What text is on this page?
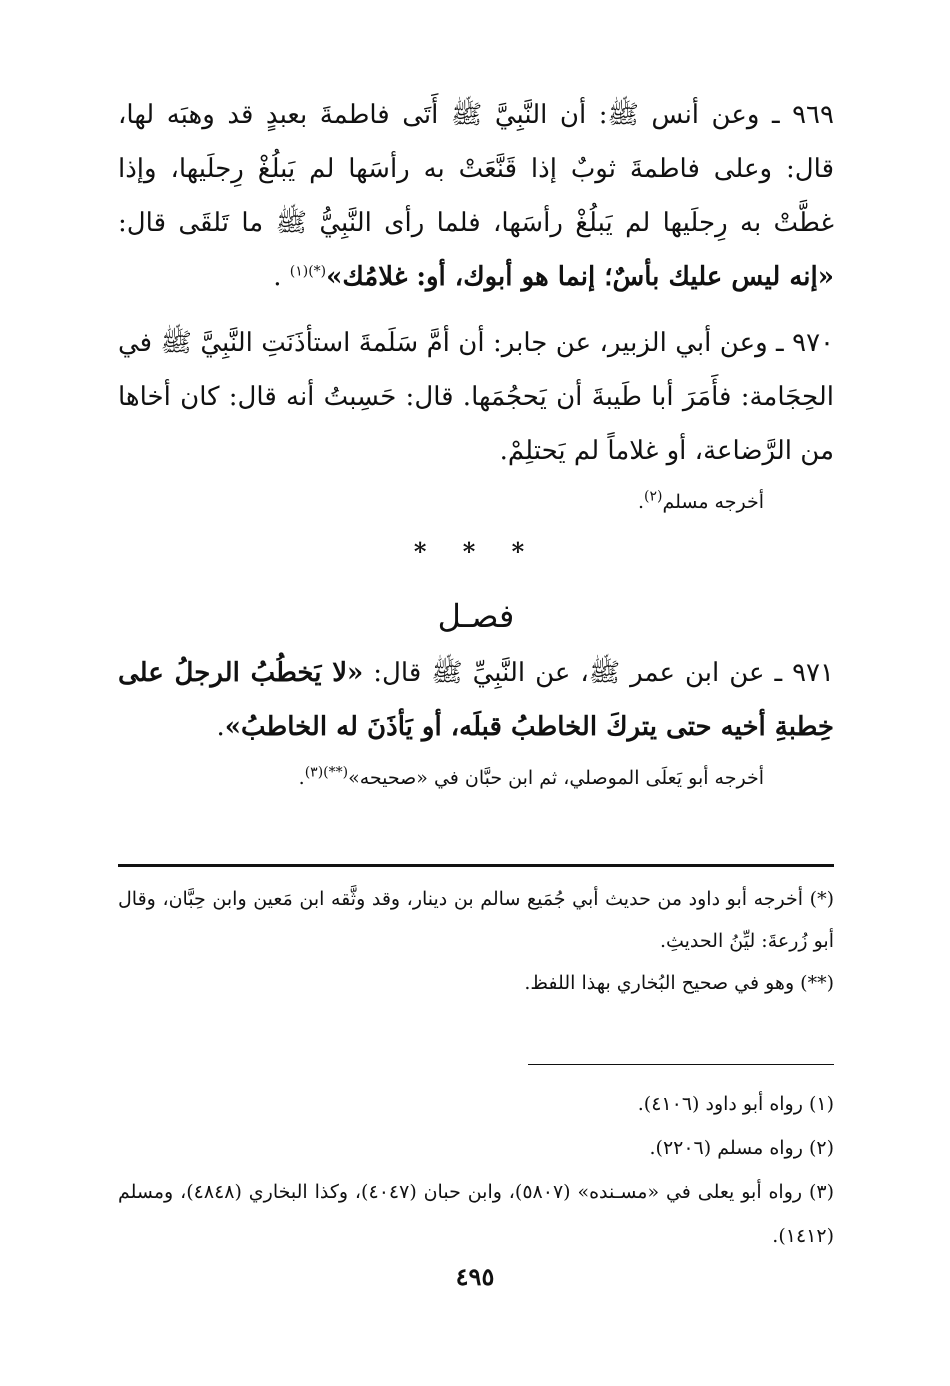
٩٦٩ ـ وعن أنس ﷺ: أن النَّبِيَّ ﷺ أَتَى فاطمةَ بعبدٍ قد وهبَه لها، قال: وعلى فاطمةَ ثوبٌ إذا قَنَّعَتْ به رأسَها لم يَبلُغْ رِجلَيها، وإذا غطَّتْ به رِجلَيها لم يَبلُغْ رأسَها، فلما رأى النَّبِيُّ ﷺ ما تَلقَى قال: «إنه ليس عليك بأسٌ؛ إنما هو أبوك، أو: غلامُك»$^{(*)(١)}$ .

٩٧٠ ـ وعن أبي الزبير، عن جابر: أن أمَّ سَلَمةَ استأذَنَتِ النَّبِيَّ ﷺ في الحِجَامة: فأَمَرَ أبا طَيبةَ أن يَحجُمَها. قال: حَسِبتُ أنه قال: كان أخاها من الرَّضاعة، أو غلاماً لم يَحتلِمْ.

أخرجه مسلم$^{(٢)}$.

* * *

فصـل

٩٧١ ـ عن ابن عمر ﷺ، عن النَّبِيِّ ﷺ قال: «لا يَخطُبُ الرجلُ على خِطبةِ أخيه حتى يتركَ الخاطبُ قبلَه، أو يَأذَنَ له الخاطبُ».

أخرجه أبو يَعلَى الموصلي، ثم ابن حبَّان في «صحيحه»$^{(**)(٣)}$.

(*) أخرجه أبو داود من حديث أبي جُمَيع سالم بن دينار، وقد وثَّقه ابن مَعين وابن حِبَّان، وقال أبو زُرعةَ: ليِّنُ الحديثِ.

(**) وهو في صحيح البُخاري بهذا اللفظ.

(١) رواه أبو داود (٤١٠٦).

(٢) رواه مسلم (٢٢٠٦).

(٣) رواه أبو يعلى في «مسـنده» (٥٨٠٧)، وابن حبان (٤٠٤٧)، وكذا البخاري (٤٨٤٨)، ومسلم (١٤١٢).

٤٩٥
